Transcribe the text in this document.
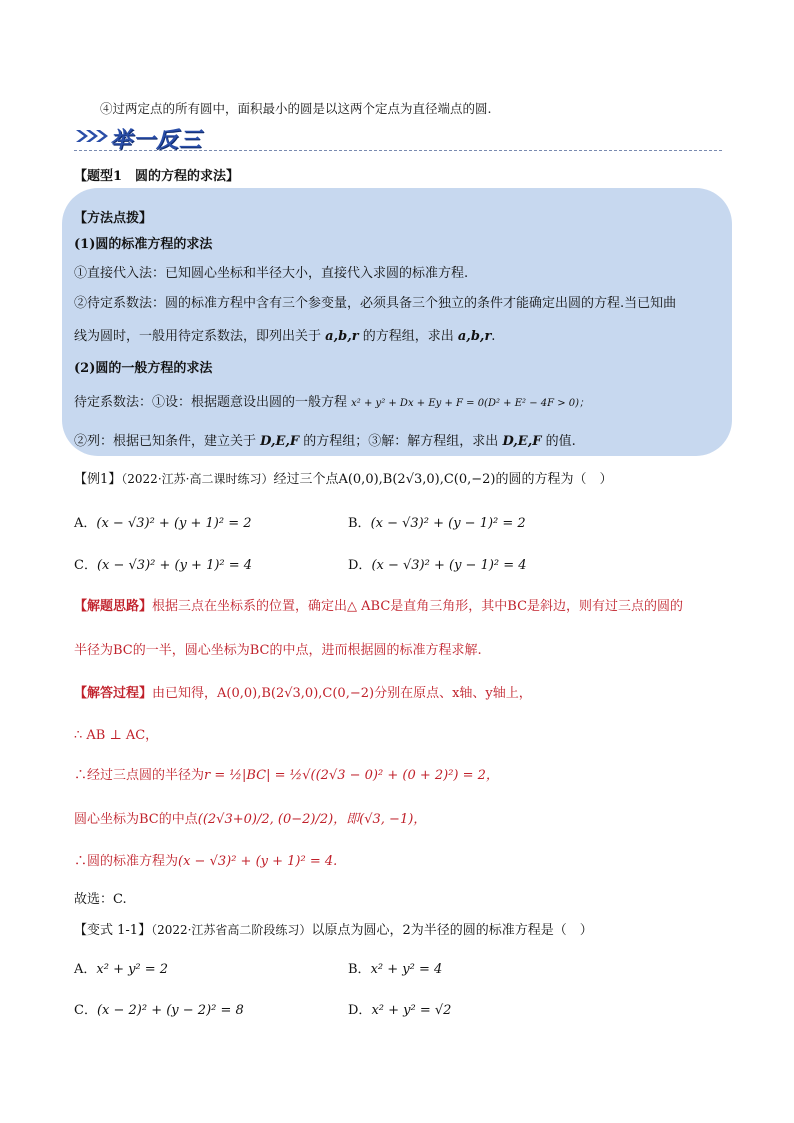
④过两定点的所有圆中，面积最小的圆是以这两个定点为直径端点的圆.
举一反三
【题型1　圆的方程的求法】
【方法点拨】
(1)圆的标准方程的求法
①直接代入法：已知圆心坐标和半径大小，直接代入求圆的标准方程.
②待定系数法：圆的标准方程中含有三个参变量，必须具备三个独立的条件才能确定出圆的方程.当已知曲
线为圆时，一般用待定系数法，即列出关于 a,b,r 的方程组，求出 a,b,r.
(2)圆的一般方程的求法
待定系数法：①设：根据题意设出圆的一般方程 x² + y² + Dx + Ey + F = 0(D² + E² − 4F > 0)；
②列：根据已知条件，建立关于 D,E,F 的方程组；③解：解方程组，求出 D,E,F 的值.
【例1】（2022·江苏·高二课时练习）经过三个点A(0,0),B(2√3,0),C(0,−2)的圆的方程为（　）
A．(x − √3)² + (y + 1)² = 2	B．(x − √3)² + (y − 1)² = 2
C．(x − √3)² + (y + 1)² = 4	D．(x − √3)² + (y − 1)² = 4
【解题思路】根据三点在坐标系的位置，确定出△ ABC是直角三角形，其中BC是斜边，则有过三点的圆的
半径为BC的一半，圆心坐标为BC的中点，进而根据圆的标准方程求解.
【解答过程】由已知得，A(0,0),B(2√3,0),C(0,−2)分别在原点、x轴、y轴上，
∴ AB ⊥ AC，
∴经过三点圆的半径为r = ½|BC| = ½√((2√3 − 0)² + (0 + 2)²) = 2，
圆心坐标为BC的中点((2√3+0)/2, (0−2)/2)，即(√3, −1)，
∴圆的标准方程为(x − √3)² + (y + 1)² = 4.
故选：C.
【变式 1-1】（2022·江苏省高二阶段练习）以原点为圆心，2为半径的圆的标准方程是（　）
A．x² + y² = 2	B．x² + y² = 4
C．(x − 2)² + (y − 2)² = 8	D．x² + y² = √2
